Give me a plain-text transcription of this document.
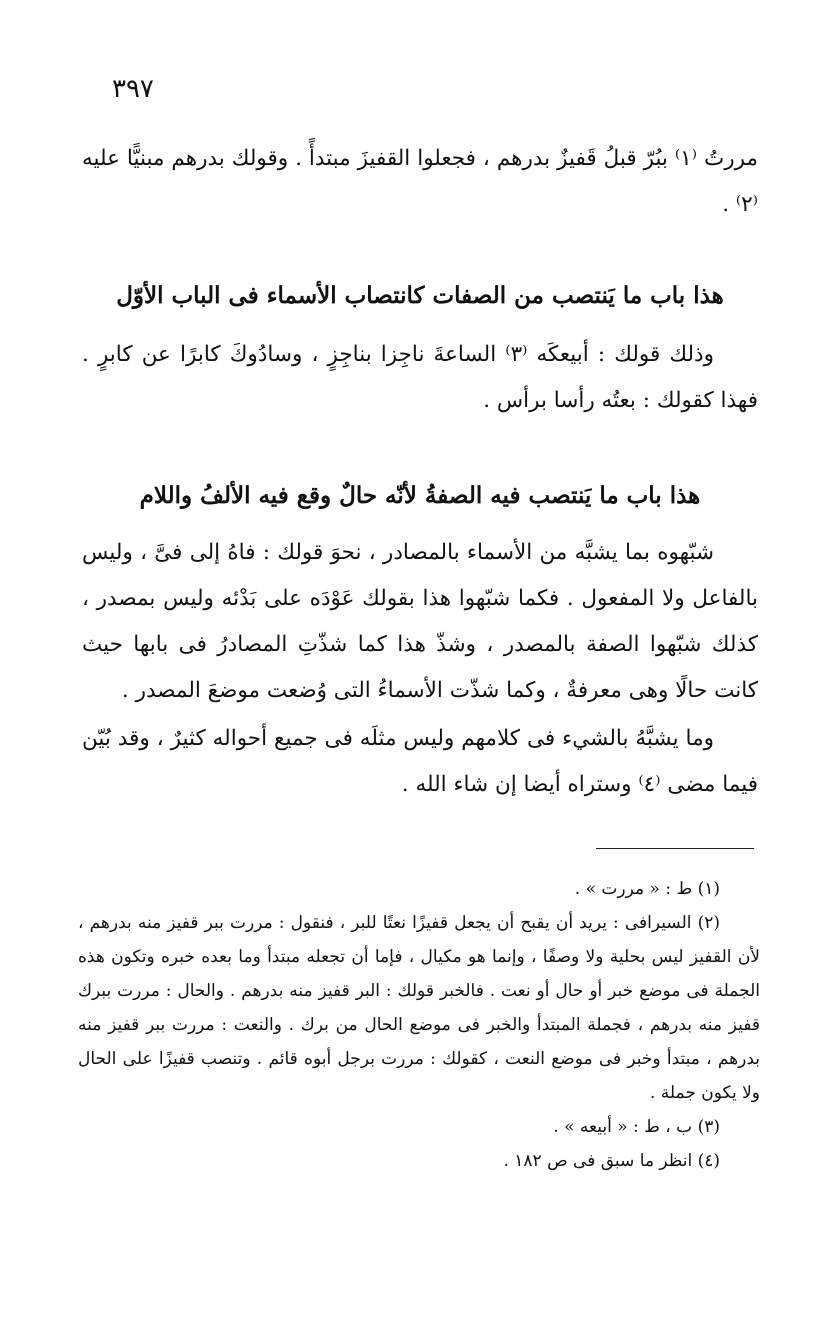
٣٩٧

مررتُ ⁽١⁾ ببُرّ قبلُ قَفيزٌ بدرهم ، فجعلوا القفيزَ مبتدأً . وقولك بدرهم مبنيًّا عليه ⁽٢⁾ .

هذا باب ما يَنتصب من الصفات كانتصاب الأسماء فى الباب الأوّل

وذلك قولك : أبيعكَه ⁽٣⁾ الساعةَ ناجِزا بناجِزٍ ، وسادُوكَ كابرًا عن كابرٍ . فهذا كقولك : بعتُه رأسا برأس .

هذا باب ما يَنتصب فيه الصفةُ لأنّه حالٌ وقع فيه الألفُ واللام

شبّهوه بما يشبَّه من الأسماء بالمصادر ، نحوَ قولك : فاهُ إلى فىَّ ، وليس بالفاعل ولا المفعول . فكما شبّهوا هذا بقولك عَوْدَه على بَدْئه وليس بمصدر ، كذلك شبّهوا الصفة بالمصدر ، وشذّ هذا كما شذّتِ المصادرُ فى بابها حيث كانت حالًا وهى معرفةٌ ، وكما شذّت الأسماءُ التى وُضعت موضعَ المصدر .

وما يشبَّهُ بالشيء فى كلامهم وليس مثلَه فى جميع أحواله كثيرٌ ، وقد بُيّن فيما مضى ⁽٤⁾ وستراه أيضا إن شاء الله .

(١) ط : « مررت » .

(٢) السيرافى : يريد أن يقبح أن يجعل قفيزًا نعتًا للبر ، فنقول : مررت ببر قفيز منه بدرهم ، لأن القفيز ليس بحلية ولا وصفًا ، وإنما هو مكيال ، فإما أن تجعله مبتدأ وما بعده خبره وتكون هذه الجملة فى موضع خبر أو حال أو نعت . فالخبر قولك : البر قفيز منه بدرهم . والحال : مررت ببرك قفيز منه بدرهم ، فجملة المبتدأ والخبر فى موضع الحال من برك . والنعت : مررت ببر قفيز منه بدرهم ، مبتدأ وخبر فى موضع النعت ، كقولك : مررت برجل أبوه قائم . وتنصب قفيزًا على الحال ولا يكون جملة .

(٣) ب ، ط : « أبيعه » .

(٤) انظر ما سبق فى ص ١٨٢ .
